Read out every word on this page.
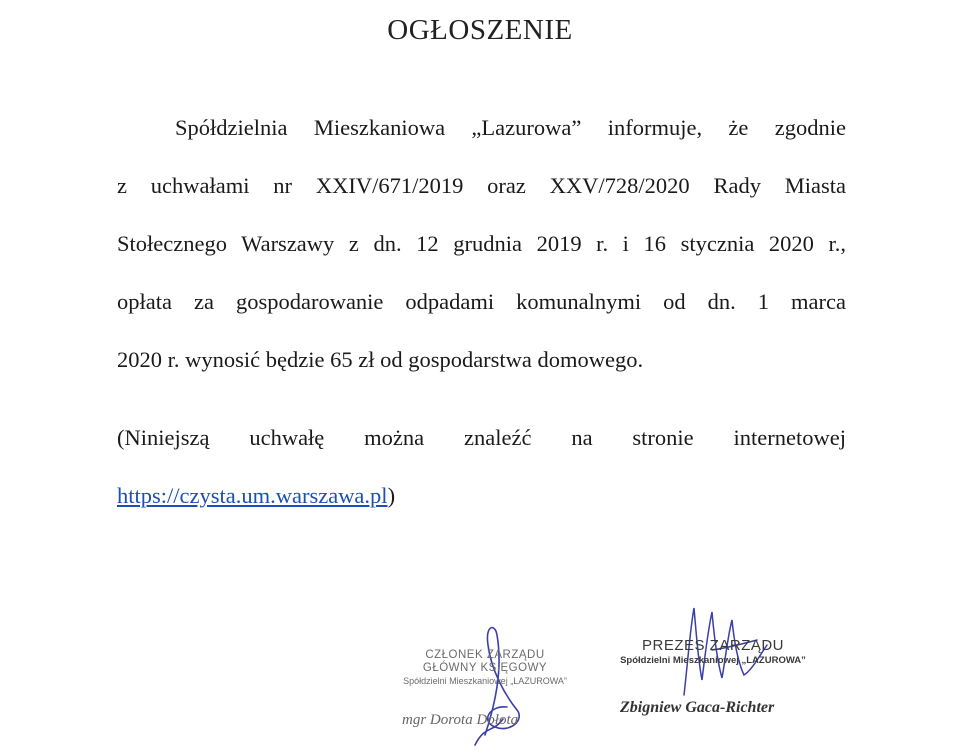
OGŁOSZENIE
Spółdzielnia Mieszkaniowa „Lazurowa” informuje, że zgodnie
z uchwałami nr XXIV/671/2019 oraz XXV/728/2020 Rady Miasta
Stołecznego Warszawy z dn. 12 grudnia 2019 r. i 16 stycznia 2020 r.,
opłata za gospodarowanie odpadami komunalnymi od dn. 1 marca
2020 r. wynosić będzie 65 zł od gospodarstwa domowego.
(Niniejszą uchwałę można znaleźć na stronie internetowej
https://czysta.um.warszawa.pl)
CZŁONEK ZARZĄDU
GŁÓWNY KSIĘGOWY
Spółdzielni Mieszkaniowej „LAZUROWA”
mgr Dorota Dołota
PREZES ZARZĄDU
Spółdzielni Mieszkaniowej „LAZUROWA”
Zbigniew Gaca-Richter
